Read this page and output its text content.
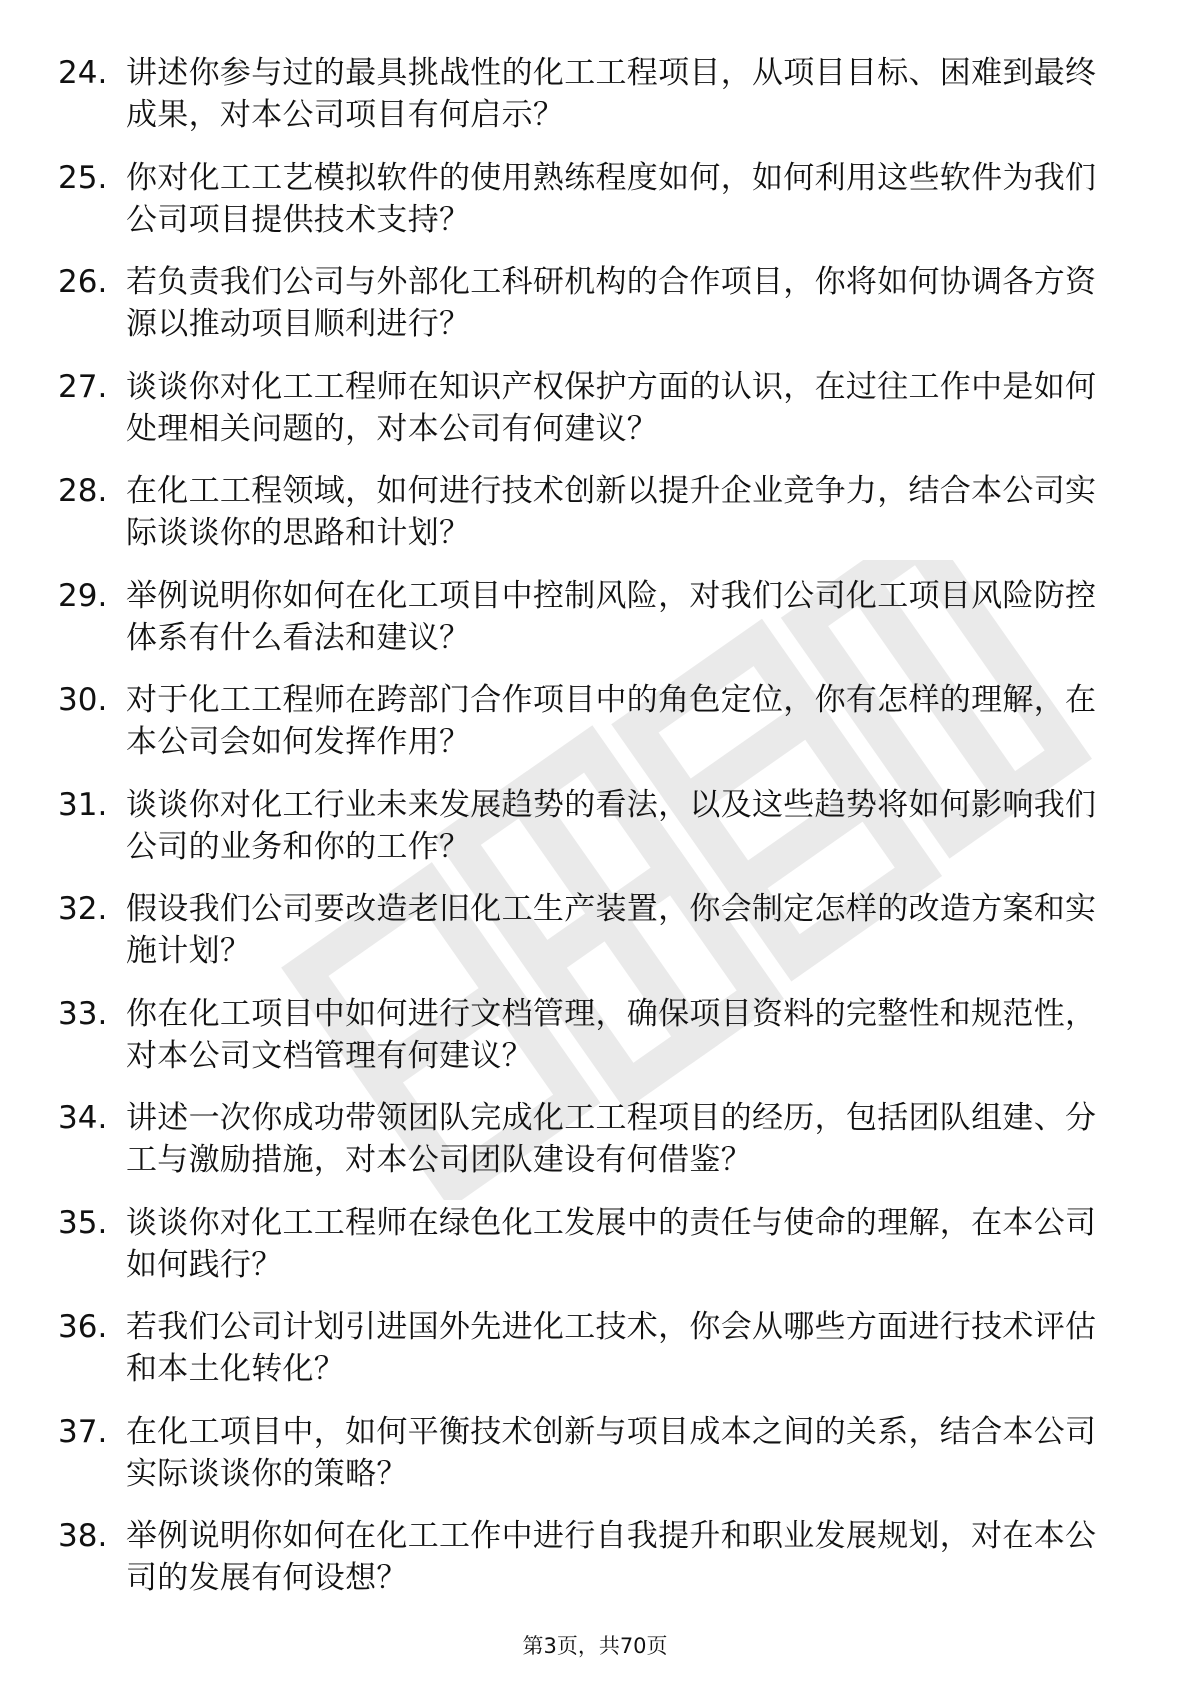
24. 讲述你参与过的最具挑战性的化工工程项目，从项目目标、困难到最终成果，对本公司项目有何启示？
25. 你对化工工艺模拟软件的使用熟练程度如何，如何利用这些软件为我们公司项目提供技术支持？
26. 若负责我们公司与外部化工科研机构的合作项目，你将如何协调各方资源以推动项目顺利进行？
27. 谈谈你对化工工程师在知识产权保护方面的认识，在过往工作中是如何处理相关问题的，对本公司有何建议？
28. 在化工工程领域，如何进行技术创新以提升企业竞争力，结合本公司实际谈谈你的思路和计划？
29. 举例说明你如何在化工项目中控制风险，对我们公司化工项目风险防控体系有什么看法和建议？
30. 对于化工工程师在跨部门合作项目中的角色定位，你有怎样的理解，在本公司会如何发挥作用？
31. 谈谈你对化工行业未来发展趋势的看法，以及这些趋势将如何影响我们公司的业务和你的工作？
32. 假设我们公司要改造老旧化工生产装置，你会制定怎样的改造方案和实施计划？
33. 你在化工项目中如何进行文档管理，确保项目资料的完整性和规范性，对本公司文档管理有何建议？
34. 讲述一次你成功带领团队完成化工工程项目的经历，包括团队组建、分工与激励措施，对本公司团队建设有何借鉴？
35. 谈谈你对化工工程师在绿色化工发展中的责任与使命的理解，在本公司如何践行？
36. 若我们公司计划引进国外先进化工技术，你会从哪些方面进行技术评估和本土化转化？
37. 在化工项目中，如何平衡技术创新与项目成本之间的关系，结合本公司实际谈谈你的策略？
38. 举例说明你如何在化工工作中进行自我提升和职业发展规划，对在本公司的发展有何设想？
第3页，共70页
